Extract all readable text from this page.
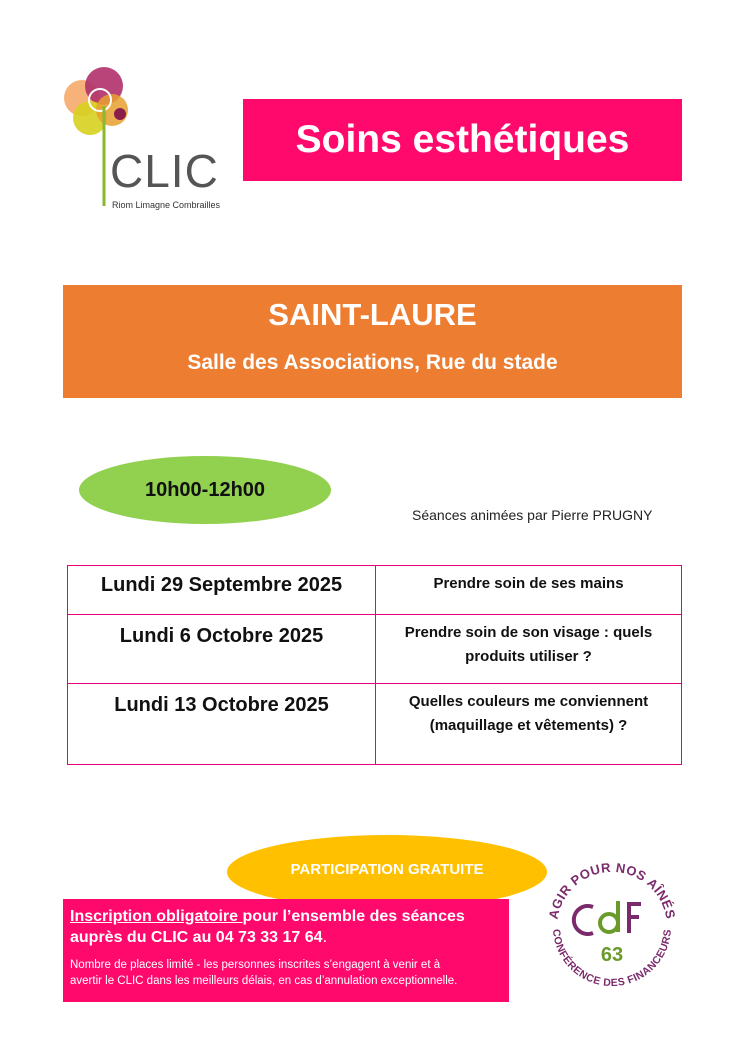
CLIC
Riom Limagne Combrailles
Soins esthétiques
SAINT-LAURE
Salle des Associations, Rue du stade
10h00-12h00
Séances animées par Pierre PRUGNY
Lundi 29 Septembre 2025	Prendre soin de ses mains
Lundi 6 Octobre 2025	Prendre soin de son visage : quels
produits utiliser ?

Lundi 13 Octobre 2025	Quelles couleurs me conviennent
(maquillage et vêtements) ?
PARTICIPATION GRATUITE
Inscription obligatoire pour l’ensemble des séances
auprès du CLIC au 04 73 33 17 64.
Nombre de places limité - les personnes inscrites s’engagent à venir et à
avertir le CLIC dans les meilleurs délais, en cas d’annulation exceptionnelle.
AGIR POUR NOS AÎNÉS
CONFÉRENCE DES FINANCEURS
63
